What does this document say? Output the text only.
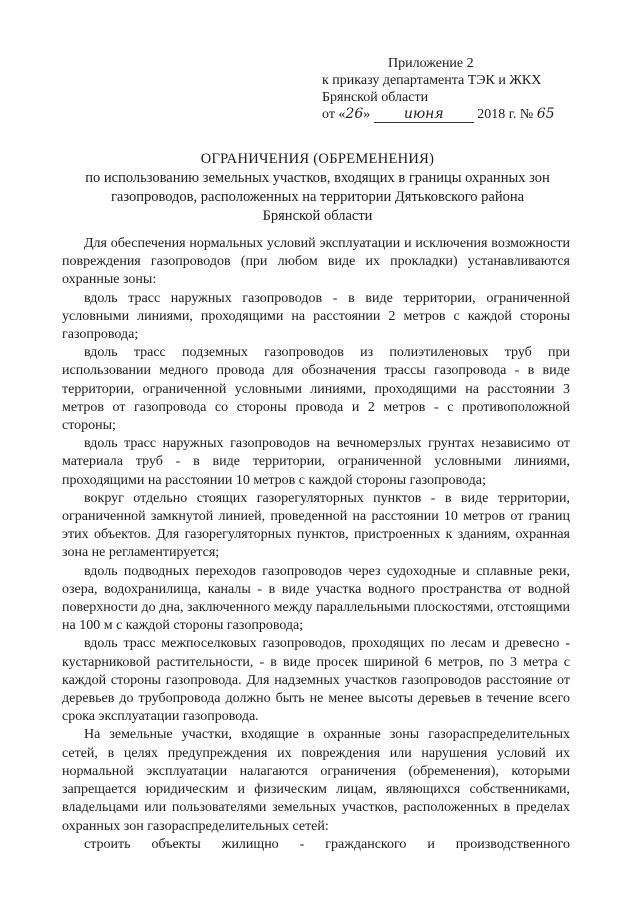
Приложение 2
к приказу департамента ТЭК и ЖКХ
Брянской области
от «26» июня 2018 г. № 65
ОГРАНИЧЕНИЯ (ОБРЕМЕНЕНИЯ)
по использованию земельных участков, входящих в границы охранных зон
газопроводов, расположенных на территории Дятьковского района
Брянской области

Для обеспечения нормальных условий эксплуатации и исключения возможности повреждения газопроводов (при любом виде их прокладки) устанавливаются охранные зоны:

вдоль трасс наружных газопроводов - в виде территории, ограниченной условными линиями, проходящими на расстоянии 2 метров с каждой стороны газопровода;

вдоль трасс подземных газопроводов из полиэтиленовых труб при использовании медного провода для обозначения трассы газопровода - в виде территории, ограниченной условными линиями, проходящими на расстоянии 3 метров от газопровода со стороны провода и 2 метров - с противоположной стороны;

вдоль трасс наружных газопроводов на вечномерзлых грунтах независимо от материала труб - в виде территории, ограниченной условными линиями, проходящими на расстоянии 10 метров с каждой стороны газопровода;

вокруг отдельно стоящих газорегуляторных пунктов - в виде территории, ограниченной замкнутой линией, проведенной на расстоянии 10 метров от границ этих объектов. Для газорегуляторных пунктов, пристроенных к зданиям, охранная зона не регламентируется;

вдоль подводных переходов газопроводов через судоходные и сплавные реки, озера, водохранилища, каналы - в виде участка водного пространства от водной поверхности до дна, заключенного между параллельными плоскостями, отстоящими на 100 м с каждой стороны газопровода;

вдоль трасс межпоселковых газопроводов, проходящих по лесам и древесно - кустарниковой растительности, - в виде просек шириной 6 метров, по 3 метра с каждой стороны газопровода. Для надземных участков газопроводов расстояние от деревьев до трубопровода должно быть не менее высоты деревьев в течение всего срока эксплуатации газопровода.

На земельные участки, входящие в охранные зоны газораспределительных сетей, в целях предупреждения их повреждения или нарушения условий их нормальной эксплуатации налагаются ограничения (обременения), которыми запрещается юридическим и физическим лицам, являющихся собственниками, владельцами или пользователями земельных участков, расположенных в пределах охранных зон газораспределительных сетей:

строить объекты жилищно - гражданского и производственного
